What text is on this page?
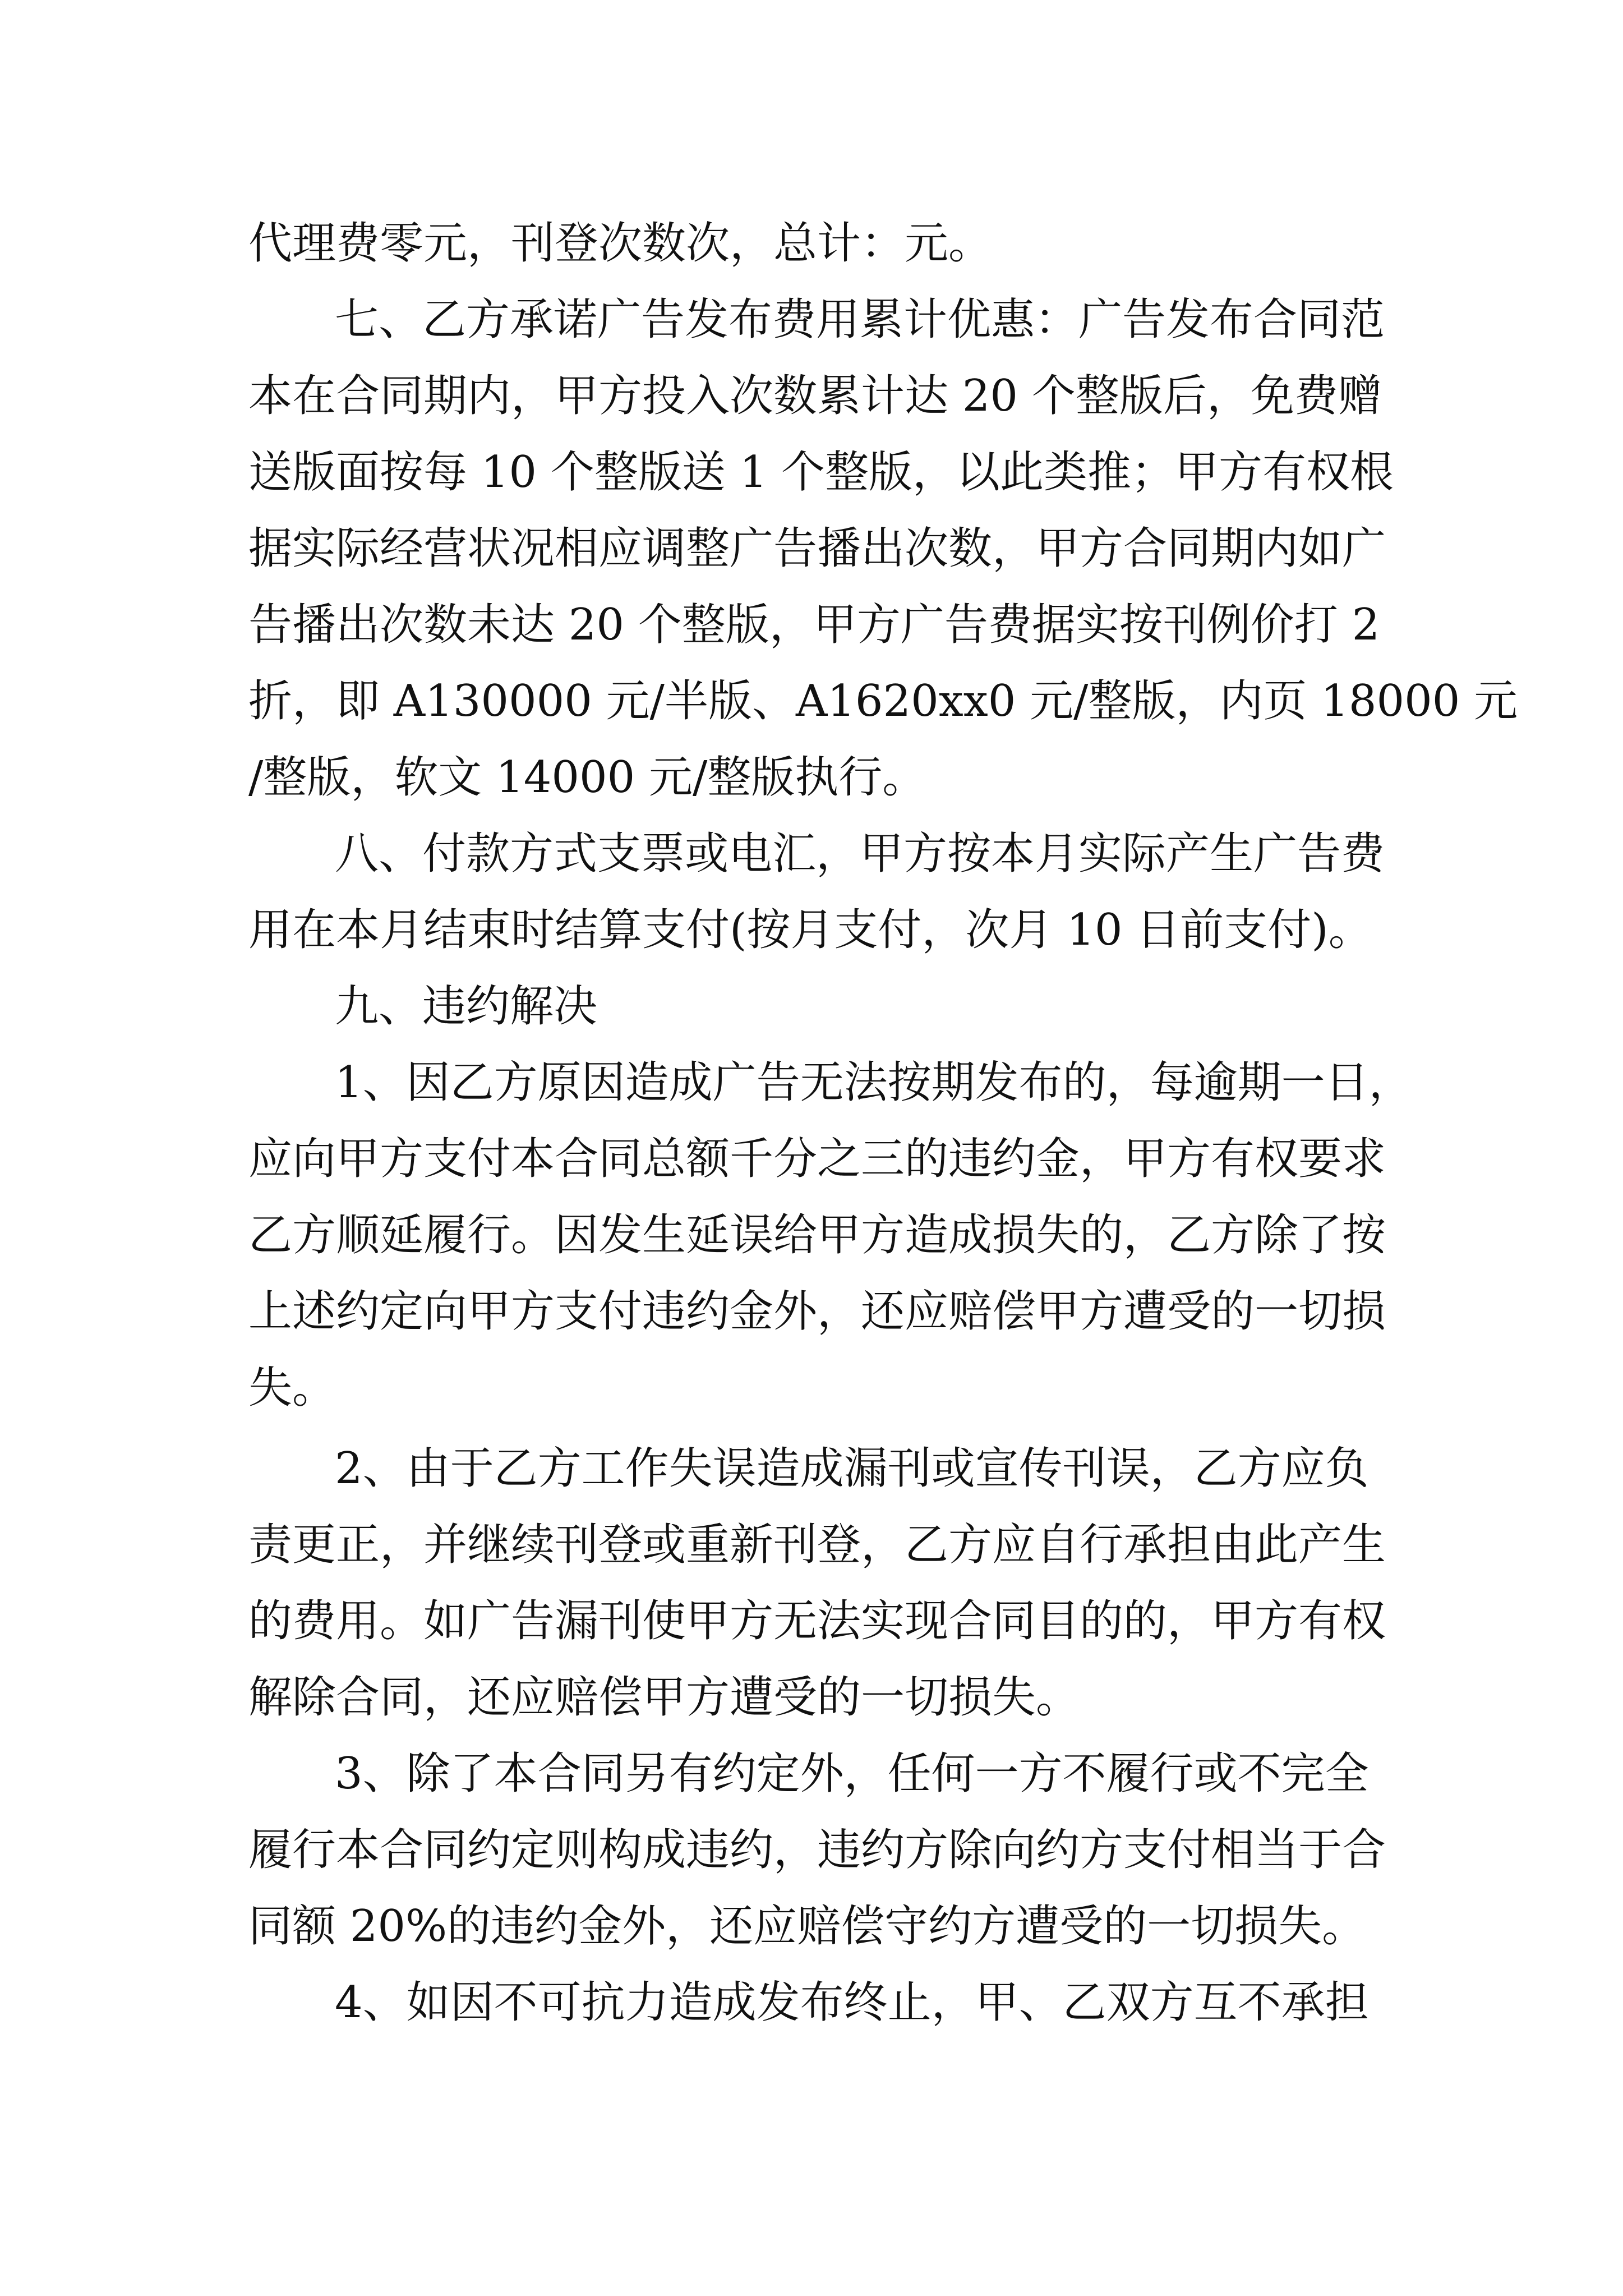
代理费零元，刊登次数次，总计：元。
七、乙方承诺广告发布费用累计优惠：广告发布合同范
本在合同期内，甲方投入次数累计达 20 个整版后，免费赠
送版面按每 10 个整版送 1 个整版，以此类推；甲方有权根
据实际经营状况相应调整广告播出次数，甲方合同期内如广
告播出次数未达 20 个整版，甲方广告费据实按刊例价打 2
折，即 A130000 元/半版、A1620xx0 元/整版，内页 18000 元
/整版，软文 14000 元/整版执行。
八、付款方式支票或电汇，甲方按本月实际产生广告费
用在本月结束时结算支付(按月支付，次月 10 日前支付)。
九、违约解决
1、因乙方原因造成广告无法按期发布的，每逾期一日，
应向甲方支付本合同总额千分之三的违约金，甲方有权要求
乙方顺延履行。因发生延误给甲方造成损失的，乙方除了按
上述约定向甲方支付违约金外，还应赔偿甲方遭受的一切损
失。
2、由于乙方工作失误造成漏刊或宣传刊误，乙方应负
责更正，并继续刊登或重新刊登，乙方应自行承担由此产生
的费用。如广告漏刊使甲方无法实现合同目的的，甲方有权
解除合同，还应赔偿甲方遭受的一切损失。
3、除了本合同另有约定外，任何一方不履行或不完全
履行本合同约定则构成违约，违约方除向约方支付相当于合
同额 20%的违约金外，还应赔偿守约方遭受的一切损失。
4、如因不可抗力造成发布终止，甲、乙双方互不承担
